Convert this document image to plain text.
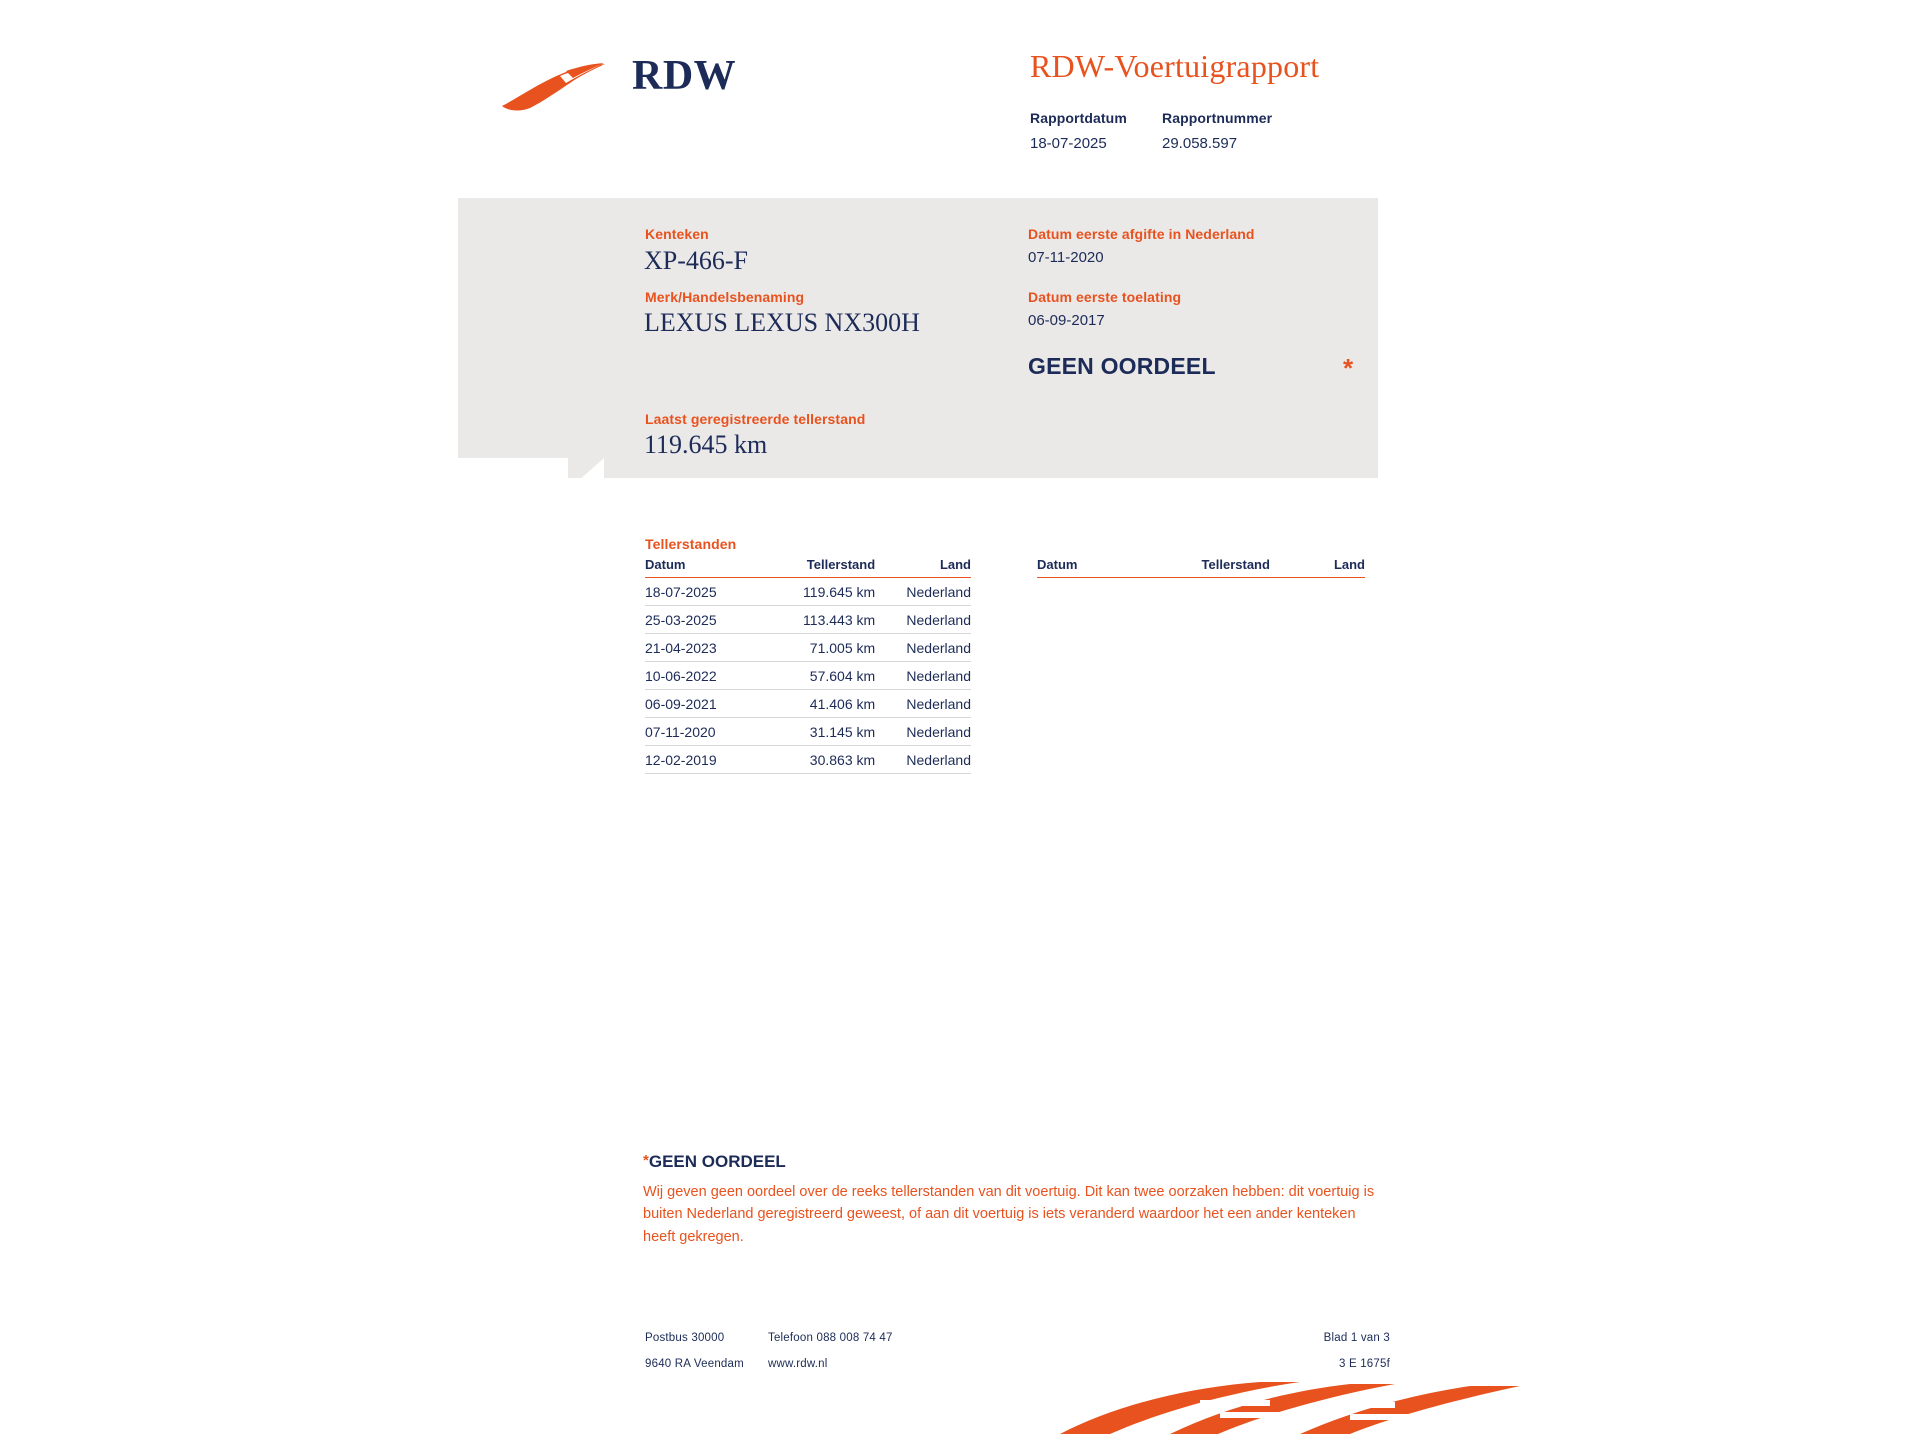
RDW	RDW-Voertuigrapport
Rapportdatum
18-07-2025
Rapportnummer
29.058.597
Kenteken
XP-466-F
Merk/Handelsbenaming
LEXUS LEXUS NX300H
Laatst geregistreerde tellerstand
119.645 km
Datum eerste afgifte in Nederland
07-11-2020
Datum eerste toelating
06-09-2017
GEEN OORDEEL	*
Tellerstanden
Datum	Tellerstand	Land
18-07-2025	119.645 km	Nederland
25-03-2025	113.443 km	Nederland
21-04-2023	71.005 km	Nederland
10-06-2022	57.604 km	Nederland
06-09-2021	41.406 km	Nederland
07-11-2020	31.145 km	Nederland
12-02-2019	30.863 km	Nederland
Datum	Tellerstand	Land
*GEEN OORDEEL
Wij geven geen oordeel over de reeks tellerstanden van dit voertuig. Dit kan twee oorzaken hebben: dit voertuig is buiten Nederland geregistreerd geweest, of aan dit voertuig is iets veranderd waardoor het een ander kenteken heeft gekregen.
Postbus 30000
9640 RA Veendam
Telefoon 088 008 74 47
www.rdw.nl
Blad 1 van 3
3 E 1675f
